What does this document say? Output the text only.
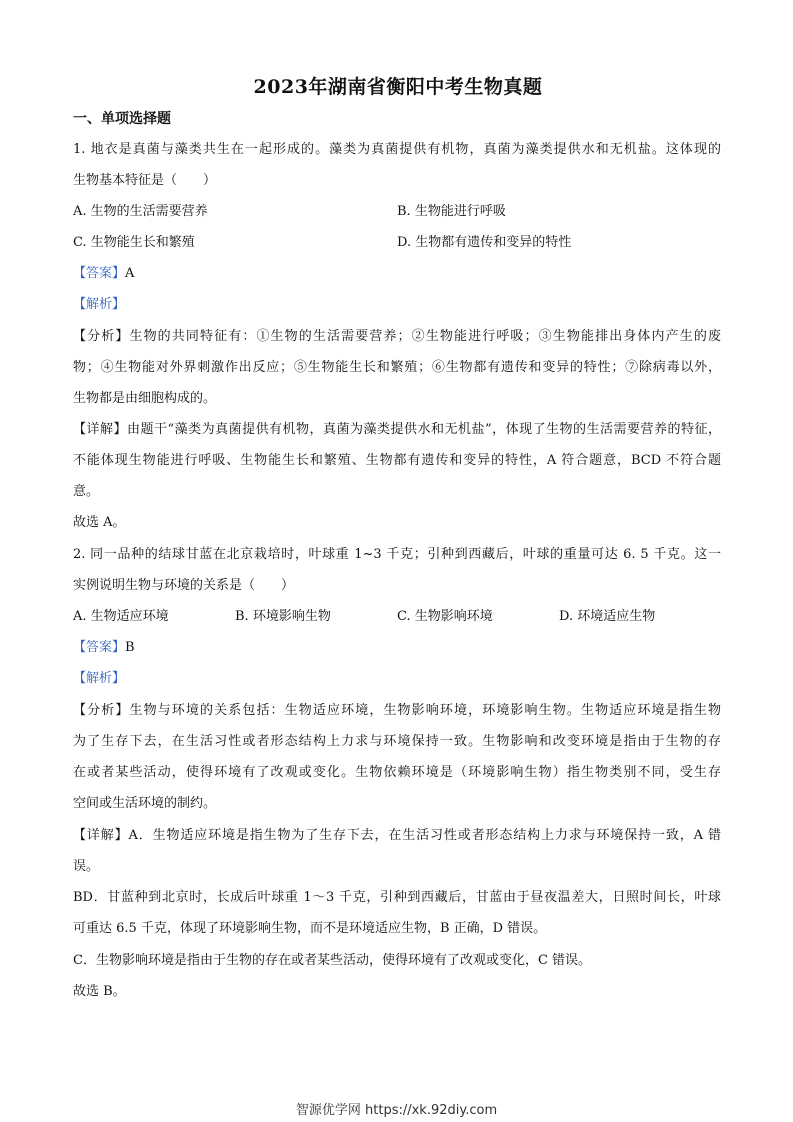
2023年湖南省衡阳中考生物真题
一、单项选择题
1. 地衣是真菌与藻类共生在一起形成的。藻类为真菌提供有机物，真菌为藻类提供水和无机盐。这体现的
生物基本特征是（　　）
A. 生物的生活需要营养	B. 生物能进行呼吸
C. 生物能生长和繁殖	D. 生物都有遗传和变异的特性
【答案】A
【解析】
【分析】生物的共同特征有：①生物的生活需要营养；②生物能进行呼吸；③生物能排出身体内产生的废
物；④生物能对外界刺激作出反应；⑤生物能生长和繁殖；⑥生物都有遗传和变异的特性；⑦除病毒以外，
生物都是由细胞构成的。
【详解】由题干“藻类为真菌提供有机物，真菌为藻类提供水和无机盐”，体现了生物的生活需要营养的特征，
不能体现生物能进行呼吸、生物能生长和繁殖、生物都有遗传和变异的特性，A 符合题意，BCD 不符合题
意。
故选 A。
2. 同一品种的结球甘蓝在北京栽培时，叶球重 1~3 千克；引种到西藏后，叶球的重量可达 6. 5 千克。这一
实例说明生物与环境的关系是（　　）
A. 生物适应环境	B. 环境影响生物	C. 生物影响环境	D. 环境适应生物
【答案】B
【解析】
【分析】生物与环境的关系包括：生物适应环境，生物影响环境，环境影响生物。生物适应环境是指生物
为了生存下去，在生活习性或者形态结构上力求与环境保持一致。生物影响和改变环境是指由于生物的存
在或者某些活动，使得环境有了改观或变化。生物依赖环境是（环境影响生物）指生物类别不同，受生存
空间或生活环境的制约。
【详解】A．生物适应环境是指生物为了生存下去，在生活习性或者形态结构上力求与环境保持一致，A 错
误。
BD．甘蓝种到北京时，长成后叶球重 1～3 千克，引种到西藏后，甘蓝由于昼夜温差大，日照时间长，叶球
可重达 6.5 千克，体现了环境影响生物，而不是环境适应生物，B 正确，D 错误。
C．生物影响环境是指由于生物的存在或者某些活动，使得环境有了改观或变化，C 错误。
故选 B。
智源优学网 https://xk.92diy.com
